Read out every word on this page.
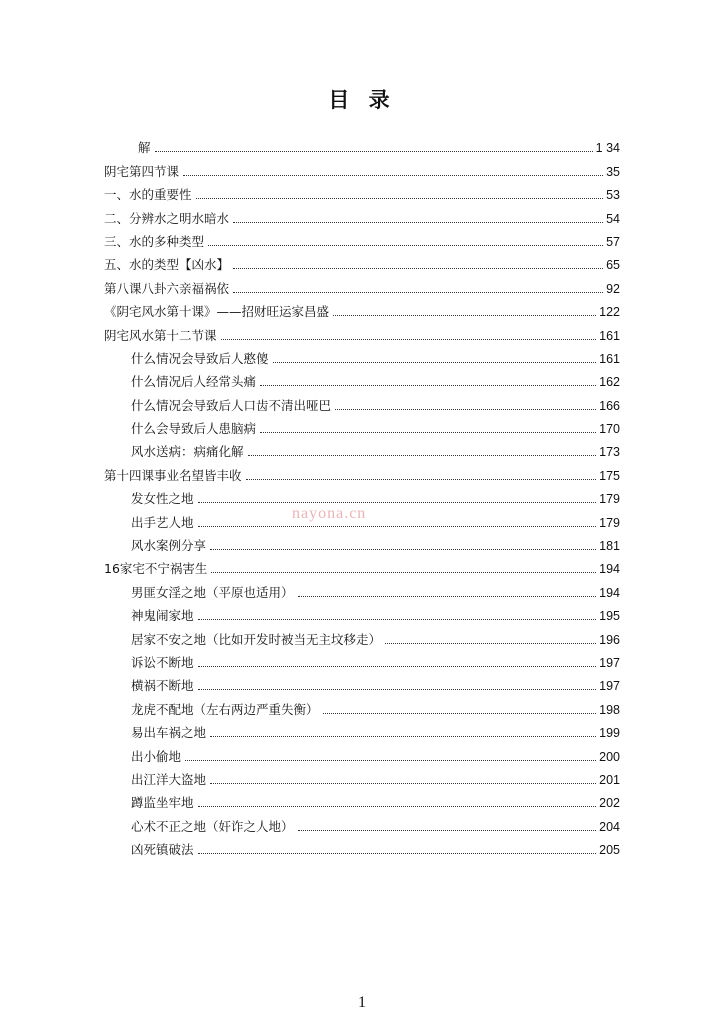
目 录
解	1 34
阴宅第四节课	35
一、水的重要性	53
二、分辨水之明水暗水	54
三、水的多种类型	57
五、水的类型【凶水】	65
第八课八卦六亲福祸依	92
《阴宅风水第十课》——招财旺运家昌盛	122
阴宅风水第十二节课	161
什么情况会导致后人憨傻	161
什么情况后人经常头痛	162
什么情况会导致后人口齿不清出哑巴	166
什么会导致后人患脑病	170
风水送病：病痛化解	173
第十四课事业名望皆丰收	175
发女性之地	179
出手艺人地	179
风水案例分享	181
16家宅不宁祸害生	194
男匪女淫之地（平原也适用）	194
神鬼闹家地	195
居家不安之地（比如开发时被当无主坟移走）	196
诉讼不断地	197
横祸不断地	197
龙虎不配地（左右两边严重失衡）	198
易出车祸之地	199
出小偷地	200
出江洋大盗地	201
蹲监坐牢地	202
心术不正之地（奸诈之人地）	204
凶死镇破法	205
nayona.cn
1
